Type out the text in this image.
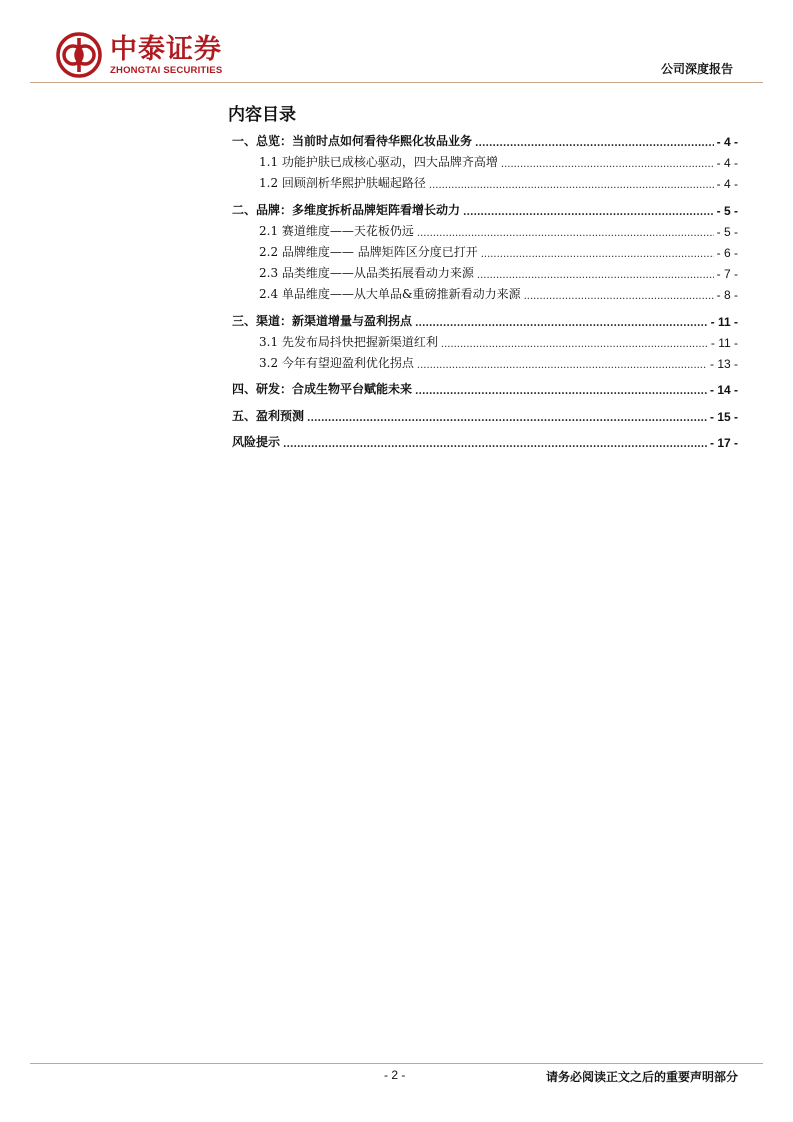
中泰证券
ZHONGTAI SECURITIES	公司深度报告
内容目录
一、总览：当前时点如何看待华熙化妆品业务 .....	- 4 -
1.1 功能护肤已成核心驱动，四大品牌齐高增 .....	- 4 -
1.2 回顾剖析华熙护肤崛起路径 .....	- 4 -
二、品牌：多维度拆析品牌矩阵看增长动力 .....	- 5 -
2.1 赛道维度——天花板仍远 .....	- 5 -
2.2 品牌维度—— 品牌矩阵区分度已打开 .....	- 6 -
2.3 品类维度——从品类拓展看动力来源 .....	- 7 -
2.4 单品维度——从大单品&重磅推新看动力来源 .....	- 8 -
三、渠道：新渠道增量与盈利拐点 .....	- 11 -
3.1 先发布局抖快把握新渠道红利 .....	- 11 -
3.2 今年有望迎盈利优化拐点 .....	- 13 -
四、研发：合成生物平台赋能未来 .....	- 14 -
五、盈利预测 .....	- 15 -
风险提示 .....	- 17 -
- 2 -	请务必阅读正文之后的重要声明部分
